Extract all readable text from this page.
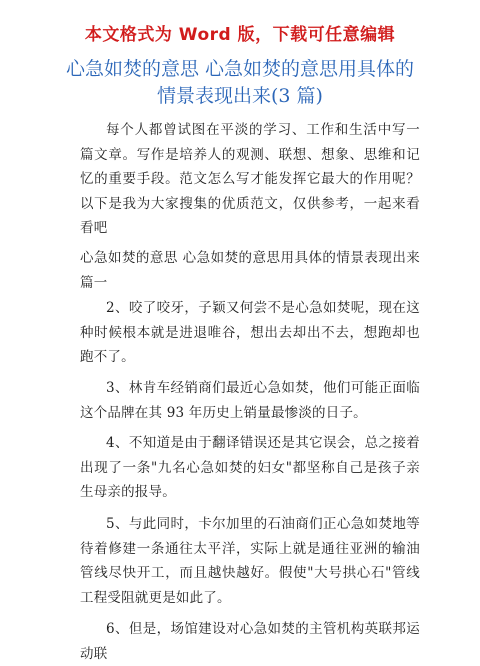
本文格式为 Word 版，下载可任意编辑
心急如焚的意思 心急如焚的意思用具体的
情景表现出来(3 篇)
每个人都曾试图在平淡的学习、工作和生活中写一篇文章。写作是培养人的观测、联想、想象、思维和记忆的重要手段。范文怎么写才能发挥它最大的作用呢？以下是我为大家搜集的优质范文，仅供参考，一起来看看吧
心急如焚的意思 心急如焚的意思用具体的情景表现出来篇一
2、咬了咬牙，子颖又何尝不是心急如焚呢，现在这种时候根本就是进退唯谷，想出去却出不去，想跑却也跑不了。
3、林肯车经销商们最近心急如焚，他们可能正面临这个品牌在其 93 年历史上销量最惨淡的日子。
4、不知道是由于翻译错误还是其它误会，总之接着出现了一条"九名心急如焚的妇女"都坚称自己是孩子亲生母亲的报导。
5、与此同时，卡尔加里的石油商们正心急如焚地等待着修建一条通往太平洋，实际上就是通往亚洲的输油管线尽快开工，而且越快越好。假使"大号拱心石"管线工程受阻就更是如此了。
6、但是，场馆建设对心急如焚的主管机构英联邦运动联
